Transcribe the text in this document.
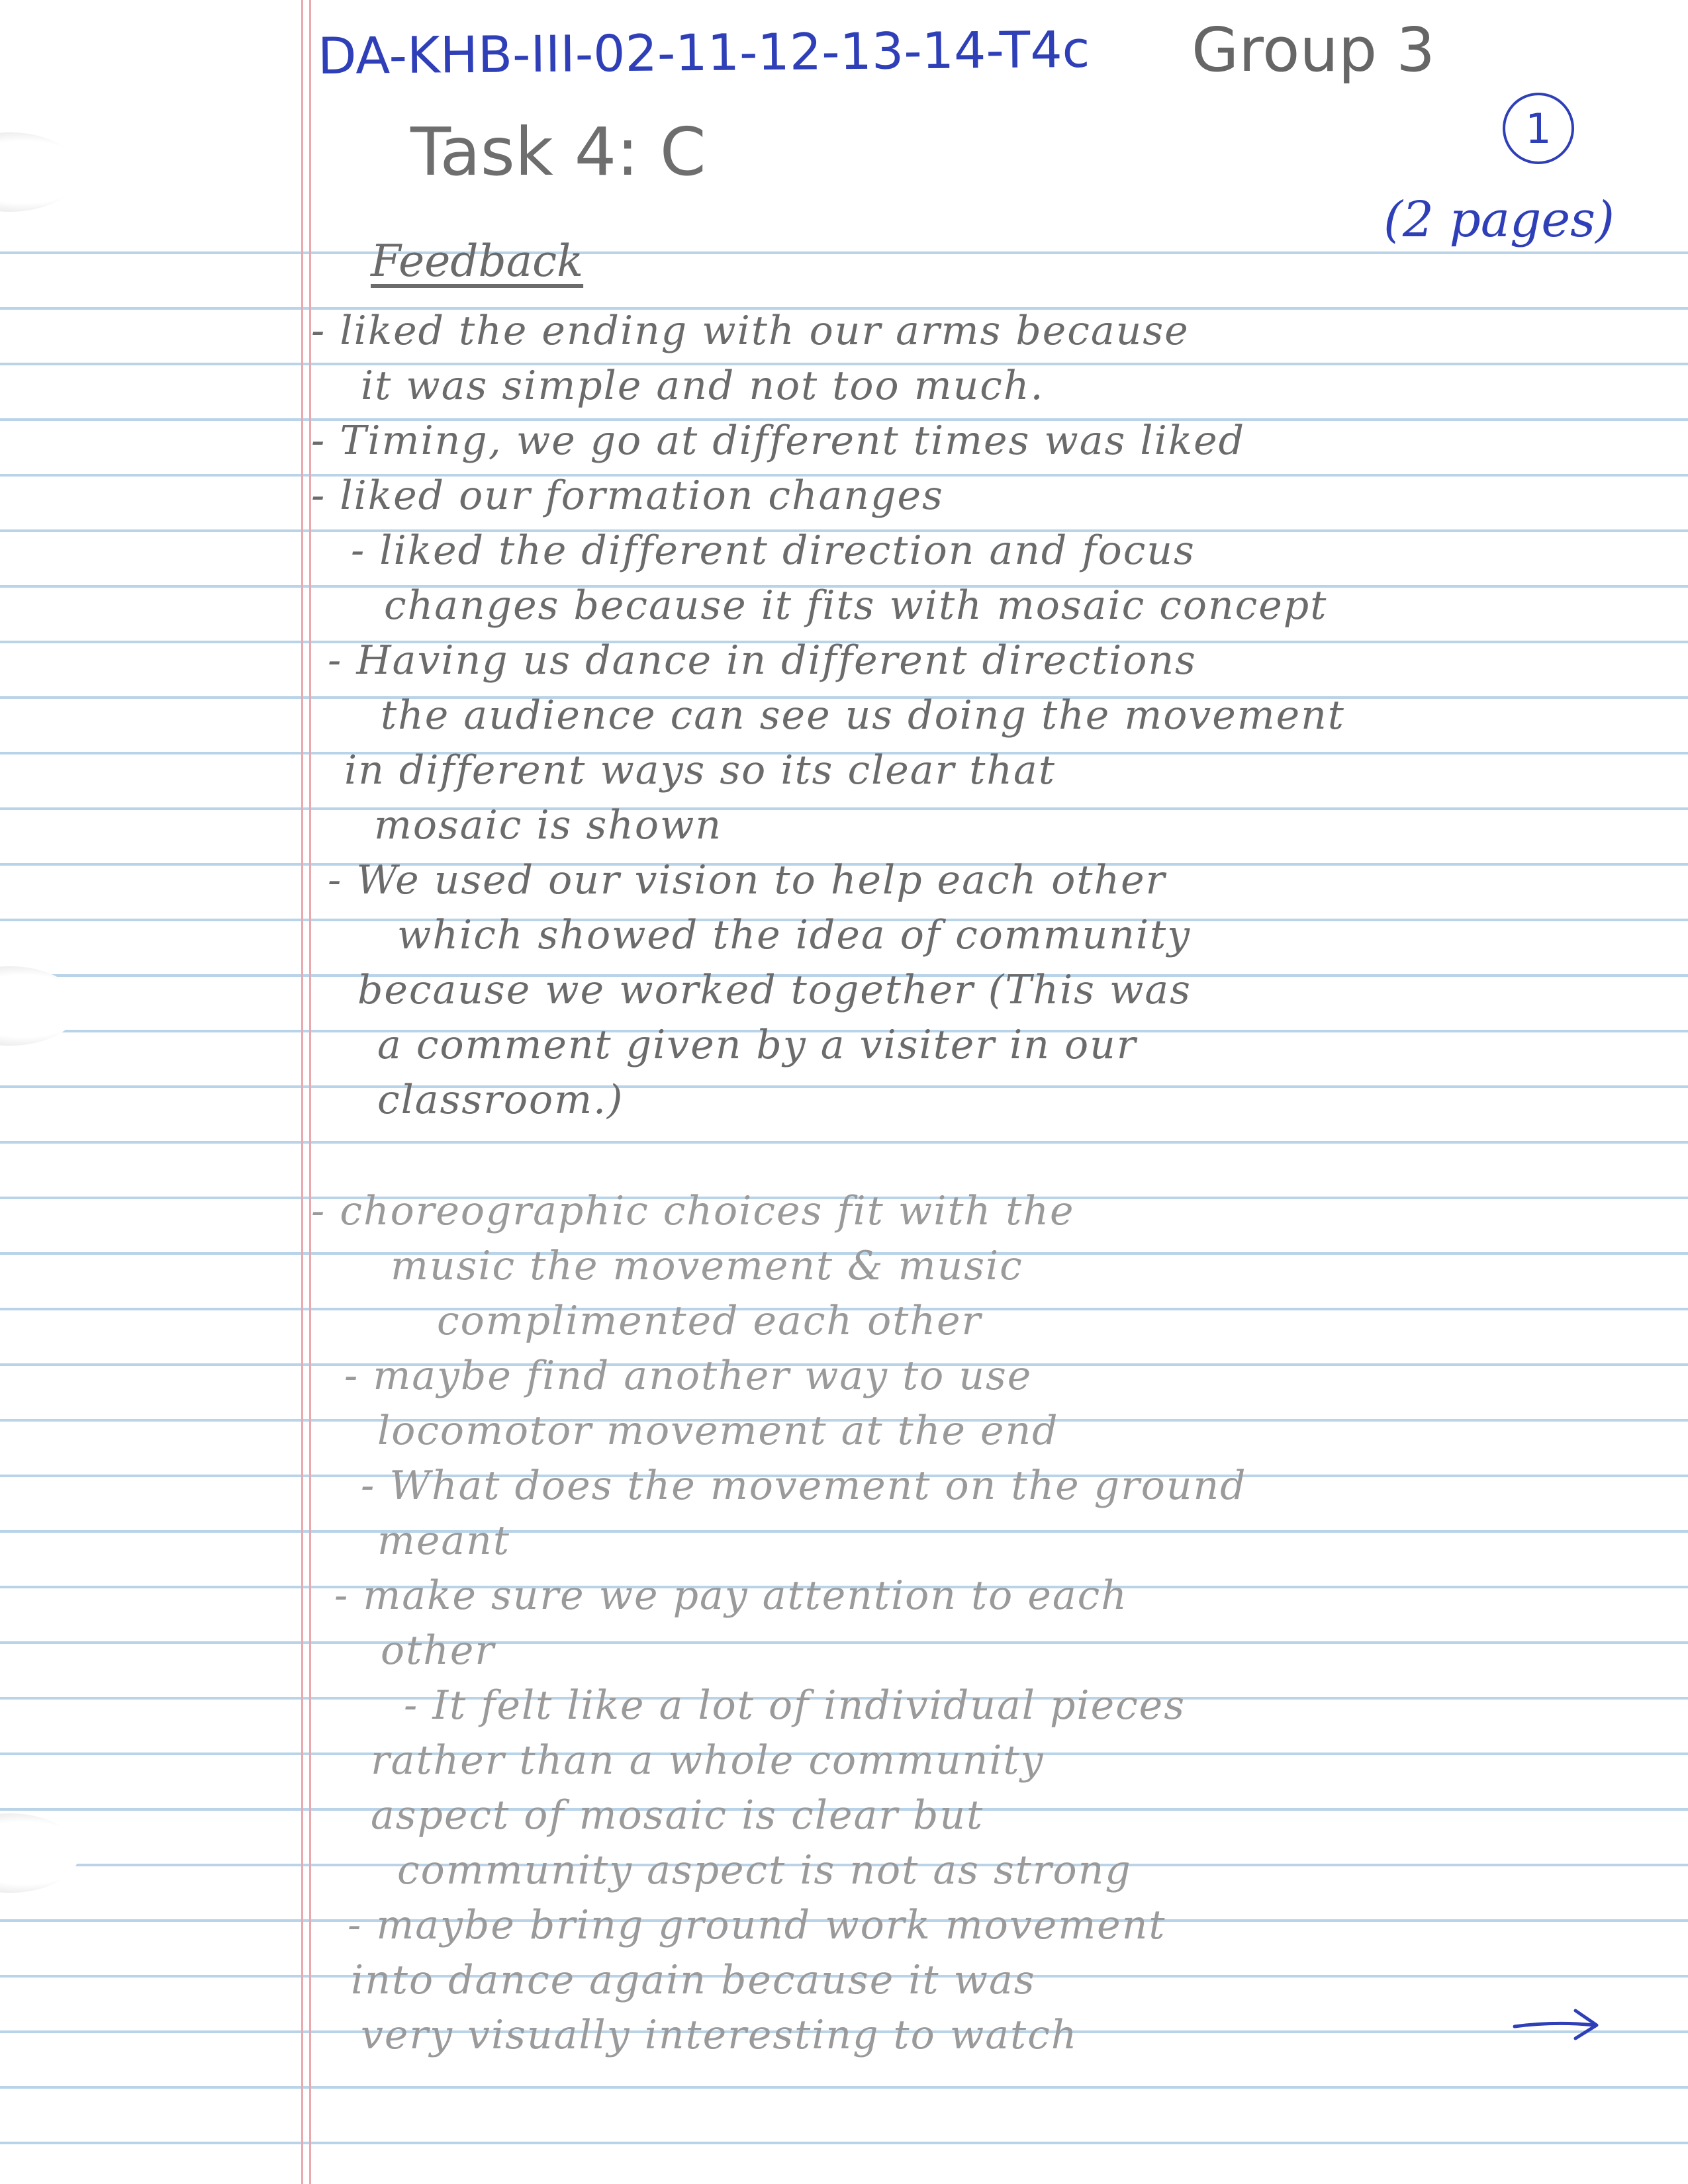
DA-KHB-III-02-11-12-13-14-T4c Group 3
Task 4: C	1
(2 pages)
Feedback
- liked the ending with our arms because
it was simple and not too much.
- Timing, we go at different times was liked
- liked our formation changes
- liked the different direction and focus
changes because it fits with mosaic concept
- Having us dance in different directions
the audience can see us doing the movement
in different ways so its clear that
mosaic is shown
- We used our vision to help each other
which showed the idea of community
because we worked together (This was
a comment given by a visiter in our
classroom.)
- choreographic choices fit with the
music the movement & music
complimented each other
- maybe find another way to use
locomotor movement at the end
- What does the movement on the ground
meant
- make sure we pay attention to each
other
- It felt like a lot of individual pieces
rather than a whole community
aspect of mosaic is clear but
community aspect is not as strong
- maybe bring ground work movement
into dance again because it was
very visually interesting to watch
